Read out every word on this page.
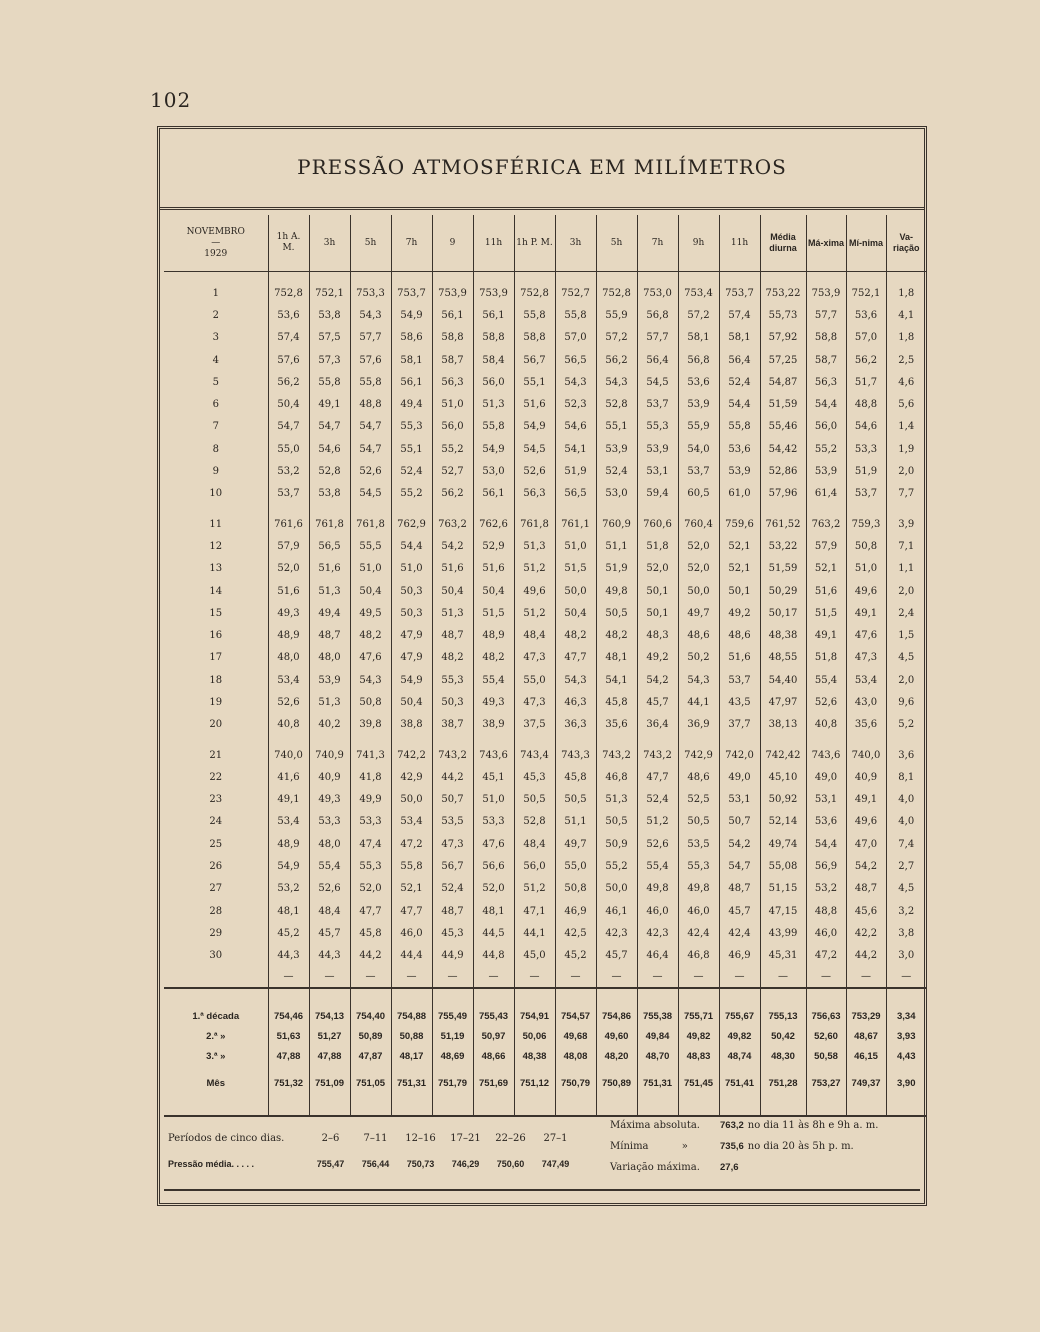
102
PRESSÃO ATMOSFÉRICA EM MILÍMETROS
NOVEMBRO
—
1929	1h A. M.	3h	5h	7h	9	11h	1h P. M.	3h	5h	7h	9h	11h	Média diurna	Má-xima	Mí-nima	Va-riação

1	752,8	752,1	753,3	753,7	753,9	753,9	752,8	752,7	752,8	753,0	753,4	753,7	753,22	753,9	752,1	1,8
2	53,6	53,8	54,3	54,9	56,1	56,1	55,8	55,8	55,9	56,8	57,2	57,4	55,73	57,7	53,6	4,1
3	57,4	57,5	57,7	58,6	58,8	58,8	58,8	57,0	57,2	57,7	58,1	58,1	57,92	58,8	57,0	1,8
4	57,6	57,3	57,6	58,1	58,7	58,4	56,7	56,5	56,2	56,4	56,8	56,4	57,25	58,7	56,2	2,5
5	56,2	55,8	55,8	56,1	56,3	56,0	55,1	54,3	54,3	54,5	53,6	52,4	54,87	56,3	51,7	4,6
6	50,4	49,1	48,8	49,4	51,0	51,3	51,6	52,3	52,8	53,7	53,9	54,4	51,59	54,4	48,8	5,6
7	54,7	54,7	54,7	55,3	56,0	55,8	54,9	54,6	55,1	55,3	55,9	55,8	55,46	56,0	54,6	1,4
8	55,0	54,6	54,7	55,1	55,2	54,9	54,5	54,1	53,9	53,9	54,0	53,6	54,42	55,2	53,3	1,9
9	53,2	52,8	52,6	52,4	52,7	53,0	52,6	51,9	52,4	53,1	53,7	53,9	52,86	53,9	51,9	2,0
10	53,7	53,8	54,5	55,2	56,2	56,1	56,3	56,5	53,0	59,4	60,5	61,0	57,96	61,4	53,7	7,7

11	761,6	761,8	761,8	762,9	763,2	762,6	761,8	761,1	760,9	760,6	760,4	759,6	761,52	763,2	759,3	3,9
12	57,9	56,5	55,5	54,4	54,2	52,9	51,3	51,0	51,1	51,8	52,0	52,1	53,22	57,9	50,8	7,1
13	52,0	51,6	51,0	51,0	51,6	51,6	51,2	51,5	51,9	52,0	52,0	52,1	51,59	52,1	51,0	1,1
14	51,6	51,3	50,4	50,3	50,4	50,4	49,6	50,0	49,8	50,1	50,0	50,1	50,29	51,6	49,6	2,0
15	49,3	49,4	49,5	50,3	51,3	51,5	51,2	50,4	50,5	50,1	49,7	49,2	50,17	51,5	49,1	2,4
16	48,9	48,7	48,2	47,9	48,7	48,9	48,4	48,2	48,2	48,3	48,6	48,6	48,38	49,1	47,6	1,5
17	48,0	48,0	47,6	47,9	48,2	48,2	47,3	47,7	48,1	49,2	50,2	51,6	48,55	51,8	47,3	4,5
18	53,4	53,9	54,3	54,9	55,3	55,4	55,0	54,3	54,1	54,2	54,3	53,7	54,40	55,4	53,4	2,0
19	52,6	51,3	50,8	50,4	50,3	49,3	47,3	46,3	45,8	45,7	44,1	43,5	47,97	52,6	43,0	9,6
20	40,8	40,2	39,8	38,8	38,7	38,9	37,5	36,3	35,6	36,4	36,9	37,7	38,13	40,8	35,6	5,2

21	740,0	740,9	741,3	742,2	743,2	743,6	743,4	743,3	743,2	743,2	742,9	742,0	742,42	743,6	740,0	3,6
22	41,6	40,9	41,8	42,9	44,2	45,1	45,3	45,8	46,8	47,7	48,6	49,0	45,10	49,0	40,9	8,1
23	49,1	49,3	49,9	50,0	50,7	51,0	50,5	50,5	51,3	52,4	52,5	53,1	50,92	53,1	49,1	4,0
24	53,4	53,3	53,3	53,4	53,5	53,3	52,8	51,1	50,5	51,2	50,5	50,7	52,14	53,6	49,6	4,0
25	48,9	48,0	47,4	47,2	47,3	47,6	48,4	49,7	50,9	52,6	53,5	54,2	49,74	54,4	47,0	7,4
26	54,9	55,4	55,3	55,8	56,7	56,6	56,0	55,0	55,2	55,4	55,3	54,7	55,08	56,9	54,2	2,7
27	53,2	52,6	52,0	52,1	52,4	52,0	51,2	50,8	50,0	49,8	49,8	48,7	51,15	53,2	48,7	4,5
28	48,1	48,4	47,7	47,7	48,7	48,1	47,1	46,9	46,1	46,0	46,0	45,7	47,15	48,8	45,6	3,2
29	45,2	45,7	45,8	46,0	45,3	44,5	44,1	42,5	42,3	42,3	42,4	42,4	43,99	46,0	42,2	3,8
30	44,3	44,3	44,2	44,4	44,9	44,8	45,0	45,2	45,7	46,4	46,8	46,9	45,31	47,2	44,2	3,0
	—	—	—	—	—	—	—	—	—	—	—	—	—	—	—	—

1.ª década	754,46	754,13	754,40	754,88	755,49	755,43	754,91	754,57	754,86	755,38	755,71	755,67	755,13	756,63	753,29	3,34
2.ª »	51,63	51,27	50,89	50,88	51,19	50,97	50,06	49,68	49,60	49,84	49,82	49,82	50,42	52,60	48,67	3,93
3.ª »	47,88	47,88	47,87	48,17	48,69	48,66	48,38	48,08	48,20	48,70	48,83	48,74	48,30	50,58	46,15	4,43
Mês	751,32	751,09	751,05	751,31	751,79	751,69	751,12	750,79	750,89	751,31	751,45	751,41	751,28	753,27	749,37	3,90

Períodos de cinco dias.	2–6	7–11	12–16	17–21	22–26	27–1
Pressão média. . . . .	755,47	756,44	750,73	746,29	750,60	747,49
Máxima absoluta.	763,2 no dia 11 às 8h e 9h a. m.
Mínima	»	735,6 no dia 20 às 5h p. m.
Variação máxima.	27,6
